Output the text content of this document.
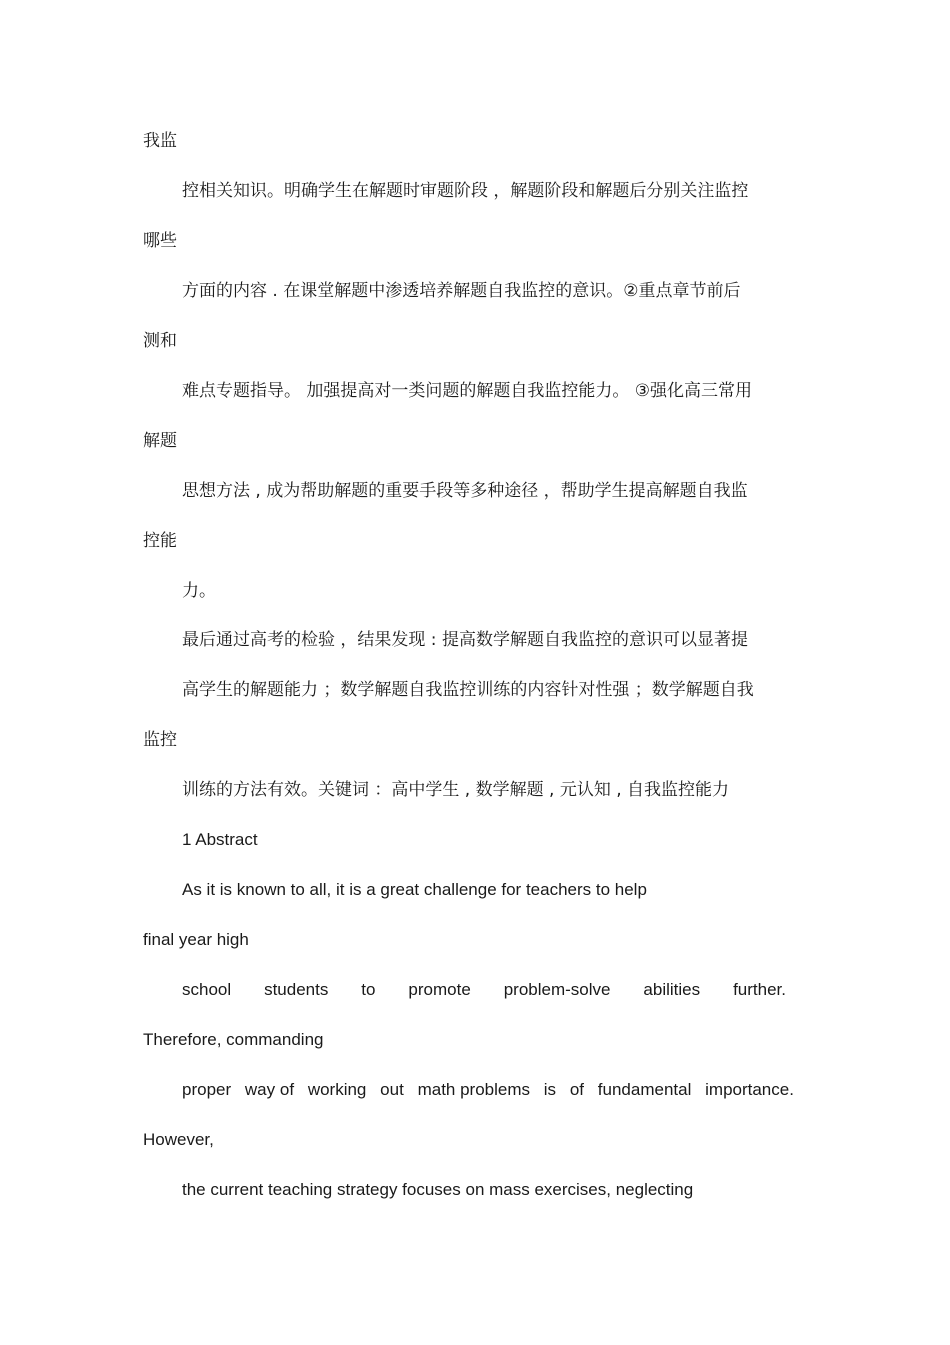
我监
控相关知识。明确学生在解题时审题阶段 ，解题阶段和解题后分别关注监控
哪些
方面的内容 . 在课堂解题中渗透培养解题自我监控的意识。②重点章节前后
测和
难点专题指导。 加强提高对一类问题的解题自我监控能力。 ③强化高三常用
解题
思想方法 , 成为帮助解题的重要手段等多种途径 ，帮助学生提高解题自我监
控能
力。
最后通过高考的检验 ，结果发现 : 提高数学解题自我监控的意识可以显著提
高学生的解题能力 ；数学解题自我监控训练的内容针对性强 ；数学解题自我
监控
训练的方法有效。关键词 ：高中学生 , 数学解题 , 元认知 , 自我监控能力
1 Abstract
As it is known to all, it is a great challenge for teachers to help
final year high
school students to promote problem-solve abilities further.
Therefore, commanding
proper way of working out math problems is of fundamental importance.
However,
the current teaching strategy focuses on mass exercises, neglecting
